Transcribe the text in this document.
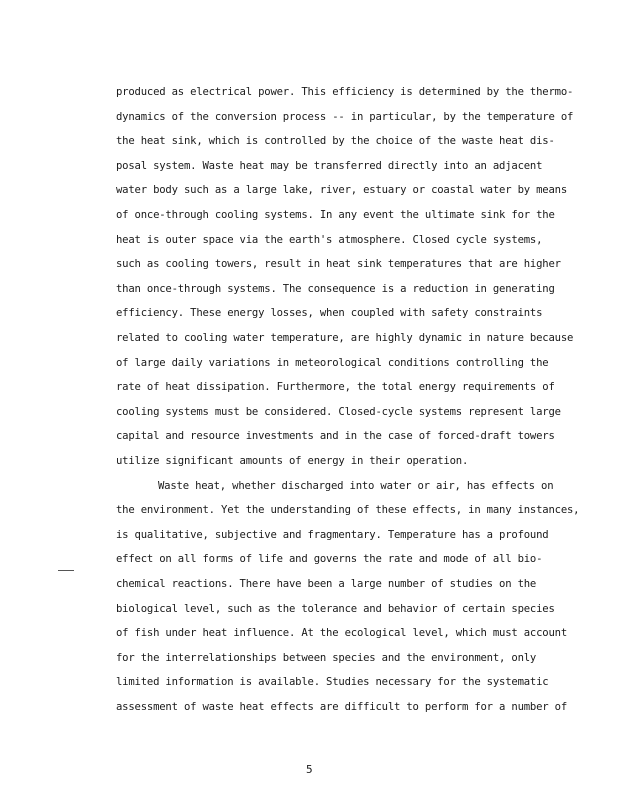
5
produced as electrical power. This efficiency is determined by the thermo-
dynamics of the conversion process -- in particular, by the temperature of
the heat sink, which is controlled by the choice of the waste heat dis-
posal system. Waste heat may be transferred directly into an adjacent
water body such as a large lake, river, estuary or coastal water by means
of once-through cooling systems. In any event the ultimate sink for the
heat is outer space via the earth's atmosphere. Closed cycle systems,
such as cooling towers, result in heat sink temperatures that are higher
than once-through systems. The consequence is a reduction in generating
efficiency. These energy losses, when coupled with safety constraints
related to cooling water temperature, are highly dynamic in nature because
of large daily variations in meteorological conditions controlling the
rate of heat dissipation. Furthermore, the total energy requirements of
cooling systems must be considered. Closed-cycle systems represent large
capital and resource investments and in the case of forced-draft towers
utilize significant amounts of energy in their operation.
Waste heat, whether discharged into water or air, has effects on
the environment. Yet the understanding of these effects, in many instances,
is qualitative, subjective and fragmentary. Temperature has a profound
effect on all forms of life and governs the rate and mode of all bio-
chemical reactions. There have been a large number of studies on the
biological level, such as the tolerance and behavior of certain species
of fish under heat influence. At the ecological level, which must account
for the interrelationships between species and the environment, only
limited information is available. Studies necessary for the systematic
assessment of waste heat effects are difficult to perform for a number of
